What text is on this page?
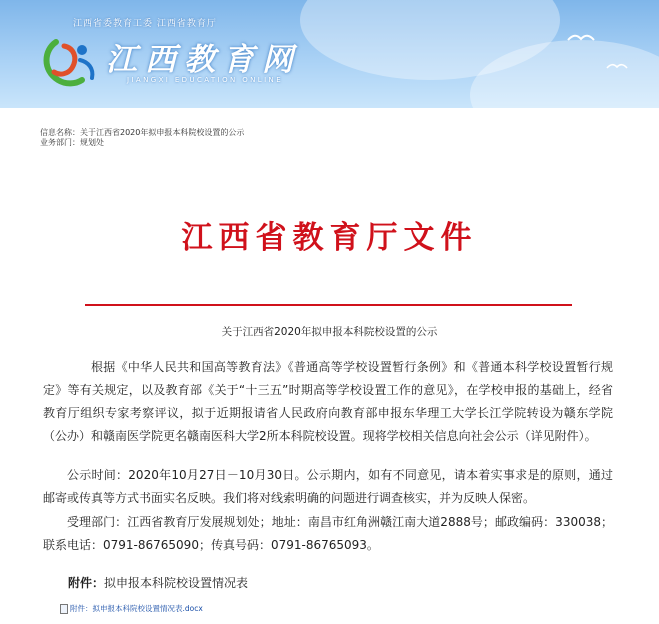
江西省委教育工委 江西省教育厅
江西教育网
JIANGXI EDUCATION ONLINE
信息名称：关于江西省2020年拟申报本科院校设置的公示
业务部门：规划处
江西省教育厅文件
关于江西省2020年拟申报本科院校设置的公示
根据《中华人民共和国高等教育法》《普通高等学校设置暂行条例》和《普通本科学校设置暂行规定》等有关规定，以及教育部《关于“十三五”时期高等学校设置工作的意见》，在学校申报的基础上，经省教育厅组织专家考察评议，拟于近期报请省人民政府向教育部申报东华理工大学长江学院转设为赣东学院（公办）和赣南医学院更名赣南医科大学2所本科院校设置。现将学校相关信息向社会公示（详见附件）。
公示时间：2020年10月27日－10月30日。公示期内，如有不同意见，请本着实事求是的原则，通过邮寄或传真等方式书面实名反映。我们将对线索明确的问题进行调查核实，并为反映人保密。
受理部门：江西省教育厅发展规划处；地址：南昌市红角洲赣江南大道2888号；邮政编码：330038；联系电话：0791-86765090；传真号码：0791-86765093。
附件：拟申报本科院校设置情况表
附件：拟申报本科院校设置情况表.docx
